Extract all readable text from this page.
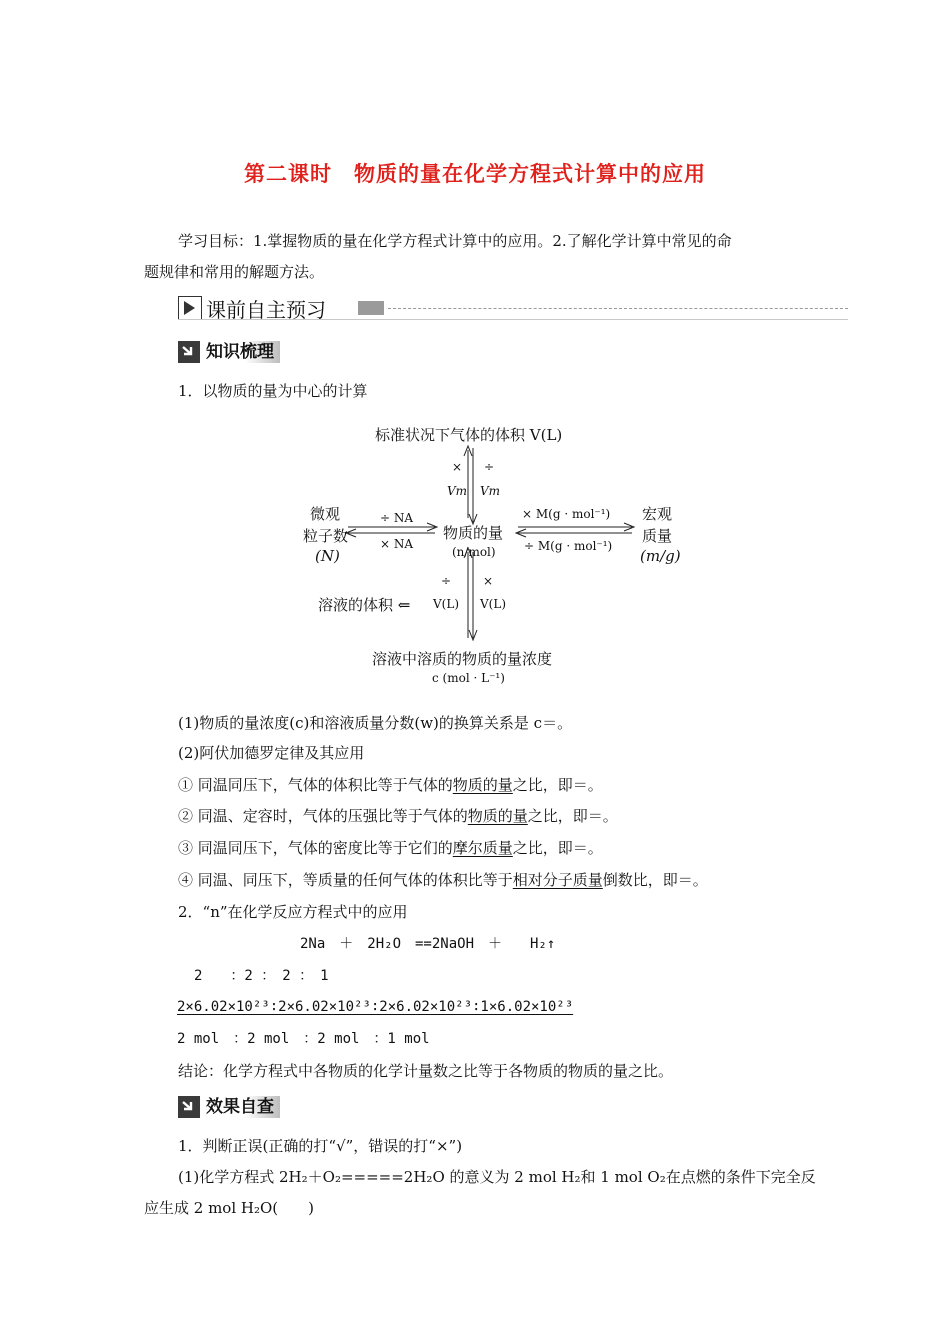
第二课时　物质的量在化学方程式计算中的应用
学习目标：1.掌握物质的量在化学方程式计算中的应用。2.了解化学计算中常见的命
题规律和常用的解题方法。
课前自主预习
知识梳理
1．以物质的量为中心的计算
标准状况下气体的体积 V(L)
×
Vm
÷
Vm
微观
粒子数
(N)
÷ NA
× NA
物质的量
(n/mol)
× M(g · mol⁻¹)
÷ M(g · mol⁻¹)
宏观
质量
(m/g)
溶液的体积 ⇐
÷
V(L)
×
V(L)
溶液中溶质的物质的量浓度
c (mol · L⁻¹)
(1)物质的量浓度(c)和溶液质量分数(w)的换算关系是 c＝。
(2)阿伏加德罗定律及其应用
① 同温同压下，气体的体积比等于气体的物质的量之比，即＝。
② 同温、定容时，气体的压强比等于气体的物质的量之比，即＝。
③ 同温同压下，气体的密度比等于它们的摩尔质量之比，即＝。
④ 同温、同压下，等质量的任何气体的体积比等于相对分子质量倒数比，即＝。
2．“n”在化学反应方程式中的应用
2Na　＋　2H₂O　==2NaOH　＋　　H₂↑
2　　：2 ：　2 ：　1
2×6.02×10²³∶2×6.02×10²³∶2×6.02×10²³∶1×6.02×10²³
2 mol　：2 mol　：2 mol　：1 mol
结论：化学方程式中各物质的化学计量数之比等于各物质的物质的量之比。
效果自查
1．判断正误(正确的打“√”，错误的打“×”)
(1)化学方程式 2H₂＋O₂=====2H₂O 的意义为 2 mol H₂和 1 mol O₂在点燃的条件下完全反
应生成 2 mol H₂O(　　)
